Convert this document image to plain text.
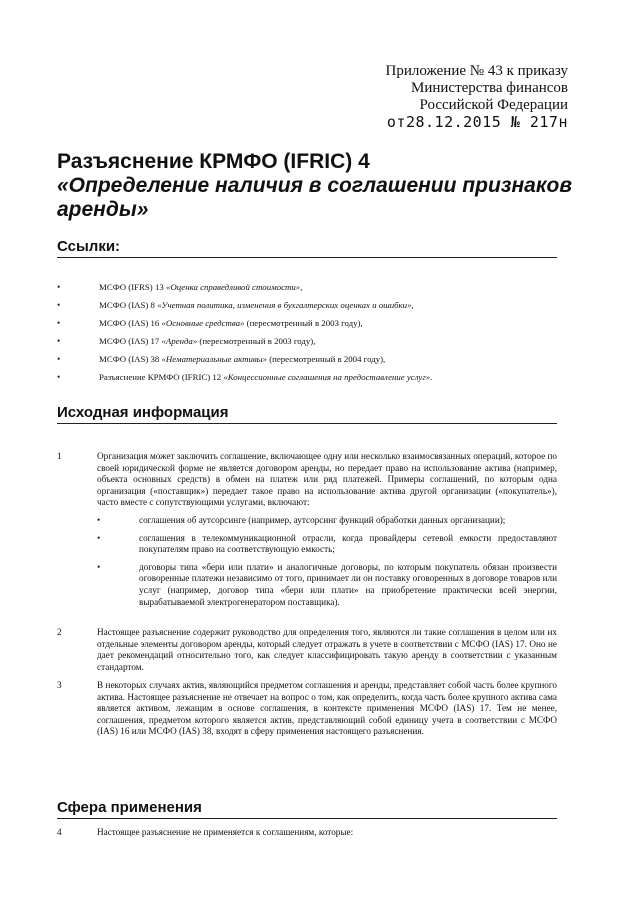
Приложение № 43 к приказу
Министерства финансов
Российской Федерации
от28.12.2015 № 217н
Разъяснение КРМФО (IFRIC) 4
«Определение наличия в соглашении признаков аренды»
Ссылки:
•	МСФО (IFRS) 13 «Оценка справедливой стоимости»,
•	МСФО (IAS) 8 «Учетная политика, изменения в бухгалтерских оценках и ошибки»,
•	МСФО (IAS) 16 «Основные средства» (пересмотренный в 2003 году),
•	МСФО (IAS) 17 «Аренда» (пересмотренный в 2003 году),
•	МСФО (IAS) 38 «Нематериальные активы» (пересмотренный в 2004 году),
•	Разъяснение КРМФО (IFRIC) 12 «Концессионные соглашения на предоставление услуг».
Исходная информация
1	Организация может заключить соглашение, включающее одну или несколько взаимосвязанных операций, которое по своей юридической форме не является договором аренды, но передает право на использование актива (например, объекта основных средств) в обмен на платеж или ряд платежей. Примеры соглашений, по которым одна организация («поставщик») передает такое право на использование актива другой организации («покупатель»), часто вместе с сопутствующими услугами, включают:
•	соглашения об аутсорсинге (например, аутсорсинг функций обработки данных организации);
•	соглашения в телекоммуникационной отрасли, когда провайдеры сетевой емкости предоставляют покупателям право на соответствующую емкость;
•	договоры типа «бери или плати» и аналогичные договоры, по которым покупатель обязан произвести оговоренные платежи независимо от того, принимает ли он поставку оговоренных в договоре товаров или услуг (например, договор типа «бери или плати» на приобретение практически всей энергии, вырабатываемой электрогенератором поставщика).
2	Настоящее разъяснение содержит руководство для определения того, являются ли такие соглашения в целом или их отдельные элементы договором аренды, который следует отражать в учете в соответствии с МСФО (IAS) 17. Оно не дает рекомендаций относительно того, как следует классифицировать такую аренду в соответствии с указанным стандартом.
3	В некоторых случаях актив, являющийся предметом соглашения и аренды, представляет собой часть более крупного актива. Настоящее разъяснение не отвечает на вопрос о том, как определить, когда часть более крупного актива сама является активом, лежащим в основе соглашения, в контексте применения МСФО (IAS) 17. Тем не менее, соглашения, предметом которого является актив, представляющий собой единицу учета в соответствии с МСФО (IAS) 16 или МСФО (IAS) 38, входят в сферу применения настоящего разъяснения.
Сфера применения
4	Настоящее разъяснение не применяется к соглашениям, которые:
